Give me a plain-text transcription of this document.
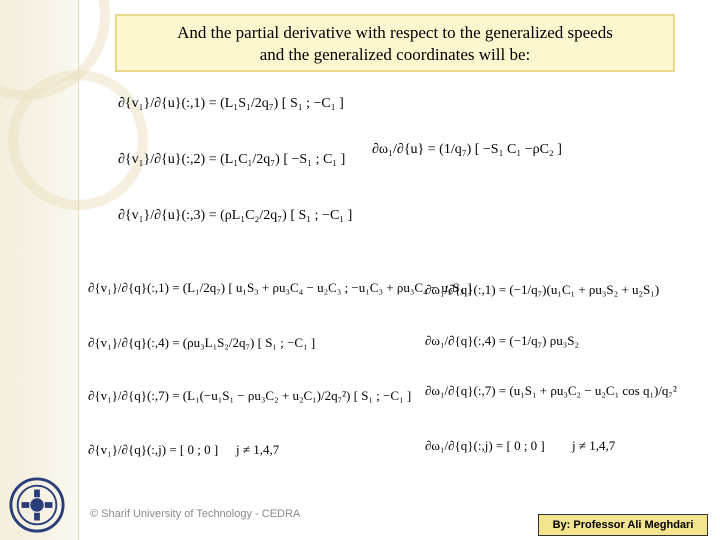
And the partial derivative with respect to the generalized speeds
and the generalized coordinates will be:
∂{v₁}/∂{u}(:,1) = (L₁S₁/2q₇) [ S₁ ; −C₁ ]
∂{v₁}/∂{u}(:,2) = (L₁C₁/2q₇) [ −S₁ ; C₁ ]
∂{v₁}/∂{u}(:,3) = (ρL₁C₂/2q₇) [ S₁ ; −C₁ ]
∂ω₁/∂{u} = (1/q₇) [ −S₁ C₁ −ρC₂ ]
∂{v₁}/∂{q}(:,1) = (L₁/2q₇) [ u₁S₃ + ρu₃C₄ − u₂C₃ ; −u₁C₃ + ρu₃C₄ − u₂S₃ ]
∂{v₁}/∂{q}(:,4) = (ρu₃L₁S₂/2q₇) [ S₁ ; −C₁ ]
∂{v₁}/∂{q}(:,7) = (L₁(−u₁S₁ − ρu₃C₂ + u₂C₁)/2q₇²) [ S₁ ; −C₁ ]
∂{v₁}/∂{q}(:,j) = [ 0 ; 0 ] j ≠ 1,4,7
∂ω₁/∂{q}(:,1) = (−1/q₇)(u₁C₁ + ρu₃S₂ + u₂S₁)
∂ω₁/∂{q}(:,4) = (−1/q₇) ρu₃S₂
∂ω₁/∂{q}(:,7) = (u₁S₁ + ρu₃C₂ − u₂C₁ cos q₁)/q₇²
∂ω₁/∂{q}(:,j) = [ 0 ; 0 ] j ≠ 1,4,7
© Sharif University of Technology - CEDRA
By: Professor Ali Meghdari
